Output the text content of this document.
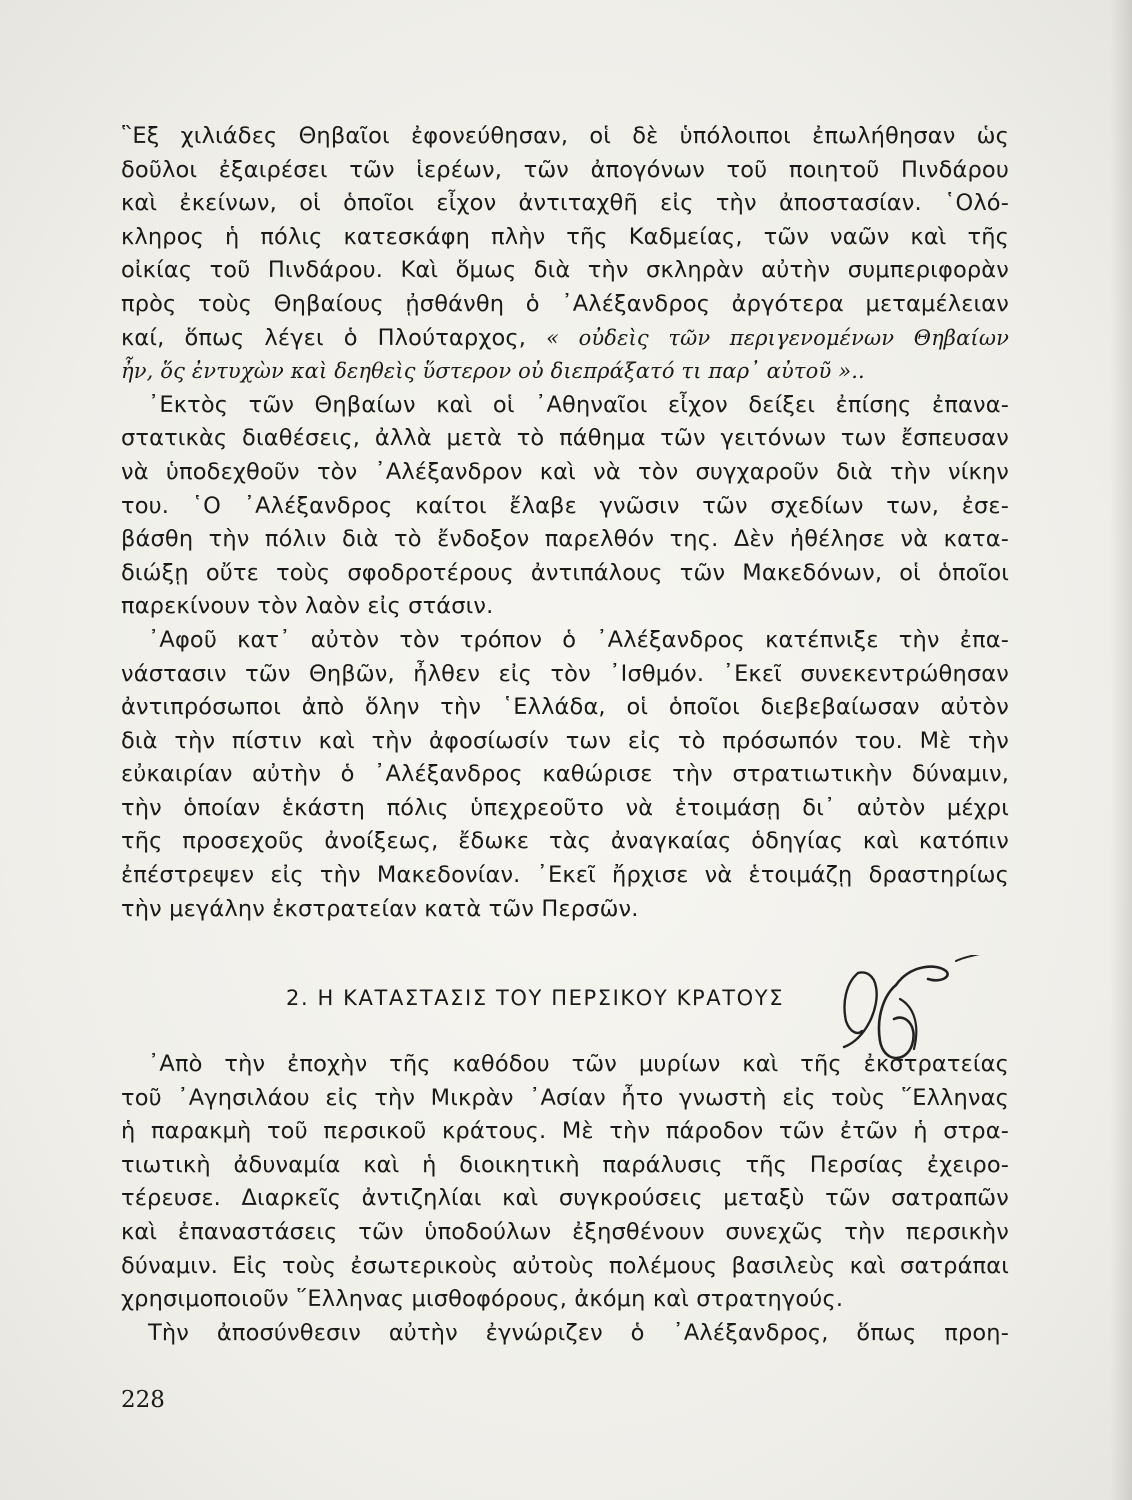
῝Εξ χιλιάδες Θηβαῖοι ἐφονεύθησαν, οἱ δὲ ὑπόλοιποι ἐπωλήθησαν ὡς
δοῦλοι ἐξαιρέσει τῶν ἱερέων, τῶν ἀπογόνων τοῦ ποιητοῦ Πινδάρου
καὶ ἐκείνων, οἱ ὁποῖοι εἶχον ἀντιταχθῆ εἰς τὴν ἀποστασίαν. ῾Ολό-
κληρος ἡ πόλις κατεσκάφη πλὴν τῆς Καδμείας, τῶν ναῶν καὶ τῆς
οἰκίας τοῦ Πινδάρου. Καὶ ὅμως διὰ τὴν σκληρὰν αὐτὴν συμπεριφορὰν
πρὸς τοὺς Θηβαίους ᾐσθάνθη ὁ ᾿Αλέξανδρος ἀργότερα μεταμέλειαν
καί, ὅπως λέγει ὁ Πλούταρχος, « οὐδεὶς τῶν περιγενομένων Θηβαίων
ἦν, ὅς ἐντυχὼν καὶ δεηθεὶς ὕστερον οὐ διεπράξατό τι παρ᾿ αὐτοῦ »..

᾿Εκτὸς τῶν Θηβαίων καὶ οἱ ᾿Αθηναῖοι εἶχον δείξει ἐπίσης ἐπανα-
στατικὰς διαθέσεις, ἀλλὰ μετὰ τὸ πάθημα τῶν γειτόνων των ἔσπευσαν
νὰ ὑποδεχθοῦν τὸν ᾿Αλέξανδρον καὶ νὰ τὸν συγχαροῦν διὰ τὴν νίκην
του. ῾Ο ᾿Αλέξανδρος καίτοι ἔλαβε γνῶσιν τῶν σχεδίων των, ἐσε-
βάσθη τὴν πόλιν διὰ τὸ ἔνδοξον παρελθόν της. Δὲν ἠθέλησε νὰ κατα-
διώξῃ οὔτε τοὺς σφοδροτέρους ἀντιπάλους τῶν Μακεδόνων, οἱ ὁποῖοι
παρεκίνουν τὸν λαὸν εἰς στάσιν.

᾿Αφοῦ κατ᾿ αὐτὸν τὸν τρόπον ὁ ᾿Αλέξανδρος κατέπνιξε τὴν ἐπα-
νάστασιν τῶν Θηβῶν, ἦλθεν εἰς τὸν ᾿Ισθμόν. ᾿Εκεῖ συνεκεντρώθησαν
ἀντιπρόσωποι ἀπὸ ὅλην τὴν ῾Ελλάδα, οἱ ὁποῖοι διεβεβαίωσαν αὐτὸν
διὰ τὴν πίστιν καὶ τὴν ἀφοσίωσίν των εἰς τὸ πρόσωπόν του. Μὲ τὴν
εὐκαιρίαν αὐτὴν ὁ ᾿Αλέξανδρος καθώρισε τὴν στρατιωτικὴν δύναμιν,
τὴν ὁποίαν ἑκάστη πόλις ὑπεχρεοῦτο νὰ ἑτοιμάσῃ δι᾿ αὐτὸν μέχρι
τῆς προσεχοῦς ἀνοίξεως, ἔδωκε τὰς ἀναγκαίας ὁδηγίας καὶ κατόπιν
ἐπέστρεψεν εἰς τὴν Μακεδονίαν. ᾿Εκεῖ ἤρχισε νὰ ἑτοιμάζῃ δραστηρίως
τὴν μεγάλην ἐκστρατείαν κατὰ τῶν Περσῶν.

2. Η ΚΑΤΑΣΤΑΣΙΣ ΤΟΥ ΠΕΡΣΙΚΟΥ ΚΡΑΤΟΥΣ

᾿Απὸ τὴν ἐποχὴν τῆς καθόδου τῶν μυρίων καὶ τῆς ἐκστρατείας
τοῦ ᾿Αγησιλάου εἰς τὴν Μικρὰν ᾿Ασίαν ἦτο γνωστὴ εἰς τοὺς ῞Ελληνας
ἡ παρακμὴ τοῦ περσικοῦ κράτους. Μὲ τὴν πάροδον τῶν ἐτῶν ἡ στρα-
τιωτικὴ ἀδυναμία καὶ ἡ διοικητικὴ παράλυσις τῆς Περσίας ἐχειρο-
τέρευσε. Διαρκεῖς ἀντιζηλίαι καὶ συγκρούσεις μεταξὺ τῶν σατραπῶν
καὶ ἐπαναστάσεις τῶν ὑποδούλων ἐξησθένουν συνεχῶς τὴν περσικὴν
δύναμιν. Εἰς τοὺς ἐσωτερικοὺς αὐτοὺς πολέμους βασιλεὺς καὶ σατράπαι
χρησιμοποιοῦν ῞Ελληνας μισθοφόρους, ἀκόμη καὶ στρατηγούς.

Τὴν ἀποσύνθεσιν αὐτὴν ἐγνώριζεν ὁ ᾿Αλέξανδρος, ὅπως προη-

228
